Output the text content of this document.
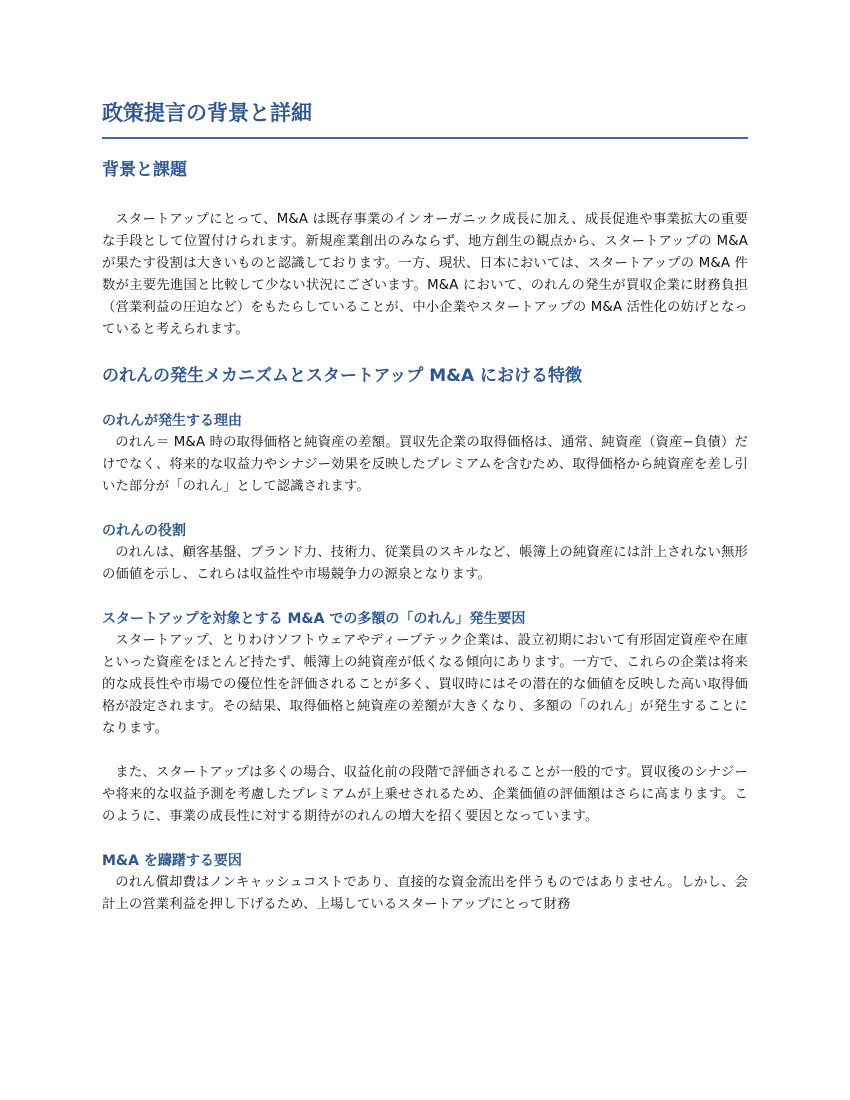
政策提言の背景と詳細
背景と課題

スタートアップにとって、M&A は既存事業のインオーガニック成長に加え、成長促進や事業拡大の重要な手段として位置付けられます。新規産業創出のみならず、地方創生の観点から、スタートアップの M&A が果たす役割は大きいものと認識しております。一方、現状、日本においては、スタートアップの M&A 件数が主要先進国と比較して少ない状況にございます。M&A において、のれんの発生が買収企業に財務負担（営業利益の圧迫など）をもたらしていることが、中小企業やスタートアップの M&A 活性化の妨げとなっていると考えられます。

のれんの発生メカニズムとスタートアップ M&A における特徴
のれんが発生する理由

のれん＝ M&A 時の取得価格と純資産の差額。買収先企業の取得価格は、通常、純資産（資産−負債）だけでなく、将来的な収益力やシナジー効果を反映したプレミアムを含むため、取得価格から純資産を差し引いた部分が「のれん」として認識されます。

のれんの役割

のれんは、顧客基盤、ブランド力、技術力、従業員のスキルなど、帳簿上の純資産には計上されない無形の価値を示し、これらは収益性や市場競争力の源泉となります。

スタートアップを対象とする M&A での多額の「のれん」発生要因

スタートアップ、とりわけソフトウェアやディープテック企業は、設立初期において有形固定資産や在庫といった資産をほとんど持たず、帳簿上の純資産が低くなる傾向にあります。一方で、これらの企業は将来的な成長性や市場での優位性を評価されることが多く、買収時にはその潜在的な価値を反映した高い取得価格が設定されます。その結果、取得価格と純資産の差額が大きくなり、多額の「のれん」が発生することになります。

また、スタートアップは多くの場合、収益化前の段階で評価されることが一般的です。買収後のシナジーや将来的な収益予測を考慮したプレミアムが上乗せされるため、企業価値の評価額はさらに高まります。このように、事業の成長性に対する期待がのれんの増大を招く要因となっています。

M&A を躊躇する要因

のれん償却費はノンキャッシュコストであり、直接的な資金流出を伴うものではありません。しかし、会計上の営業利益を押し下げるため、上場しているスタートアップにとって財務
